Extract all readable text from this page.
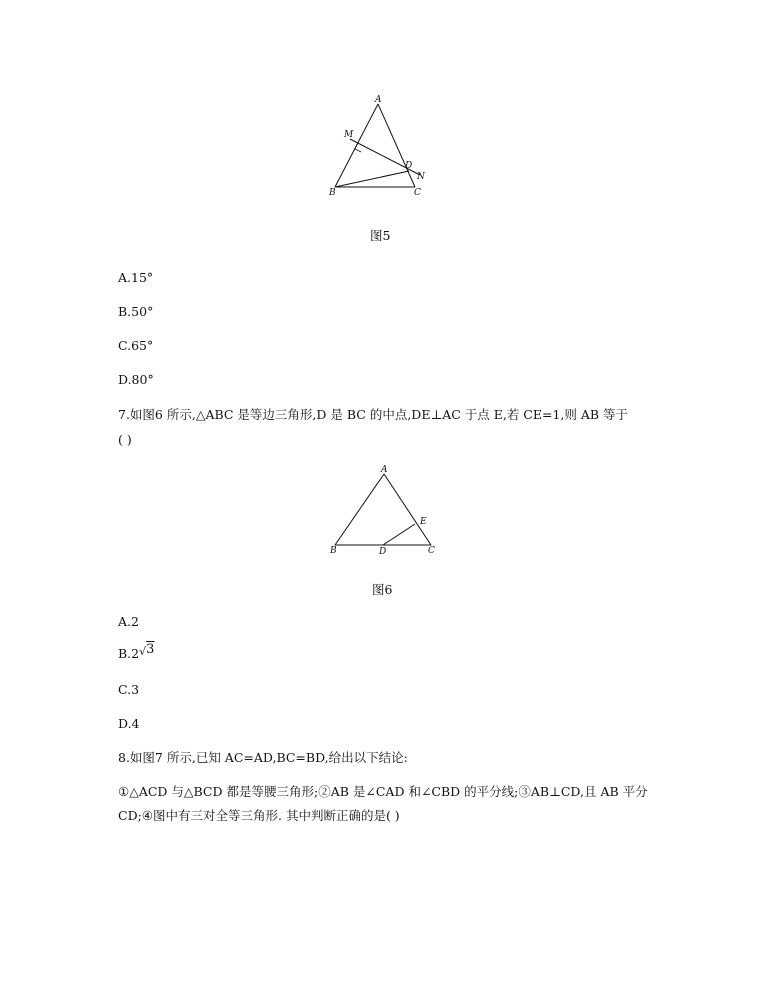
A
M
D
N
B	C
图5
A.15°
B.50°
C.65°
D.80°
7.如图6 所示,△ABC 是等边三角形,D 是 BC 的中点,DE⊥AC 于点 E,若 CE=1,则 AB 等于
( )
A
E
B	D	C
图6
A.2
B.2√3
C.3
D.4
8.如图7 所示,已知 AC=AD,BC=BD,给出以下结论:
①△ACD 与△BCD 都是等腰三角形;②AB 是∠CAD 和∠CBD 的平分线;③AB⊥CD,且 AB 平分
CD;④图中有三对全等三角形. 其中判断正确的是( )
